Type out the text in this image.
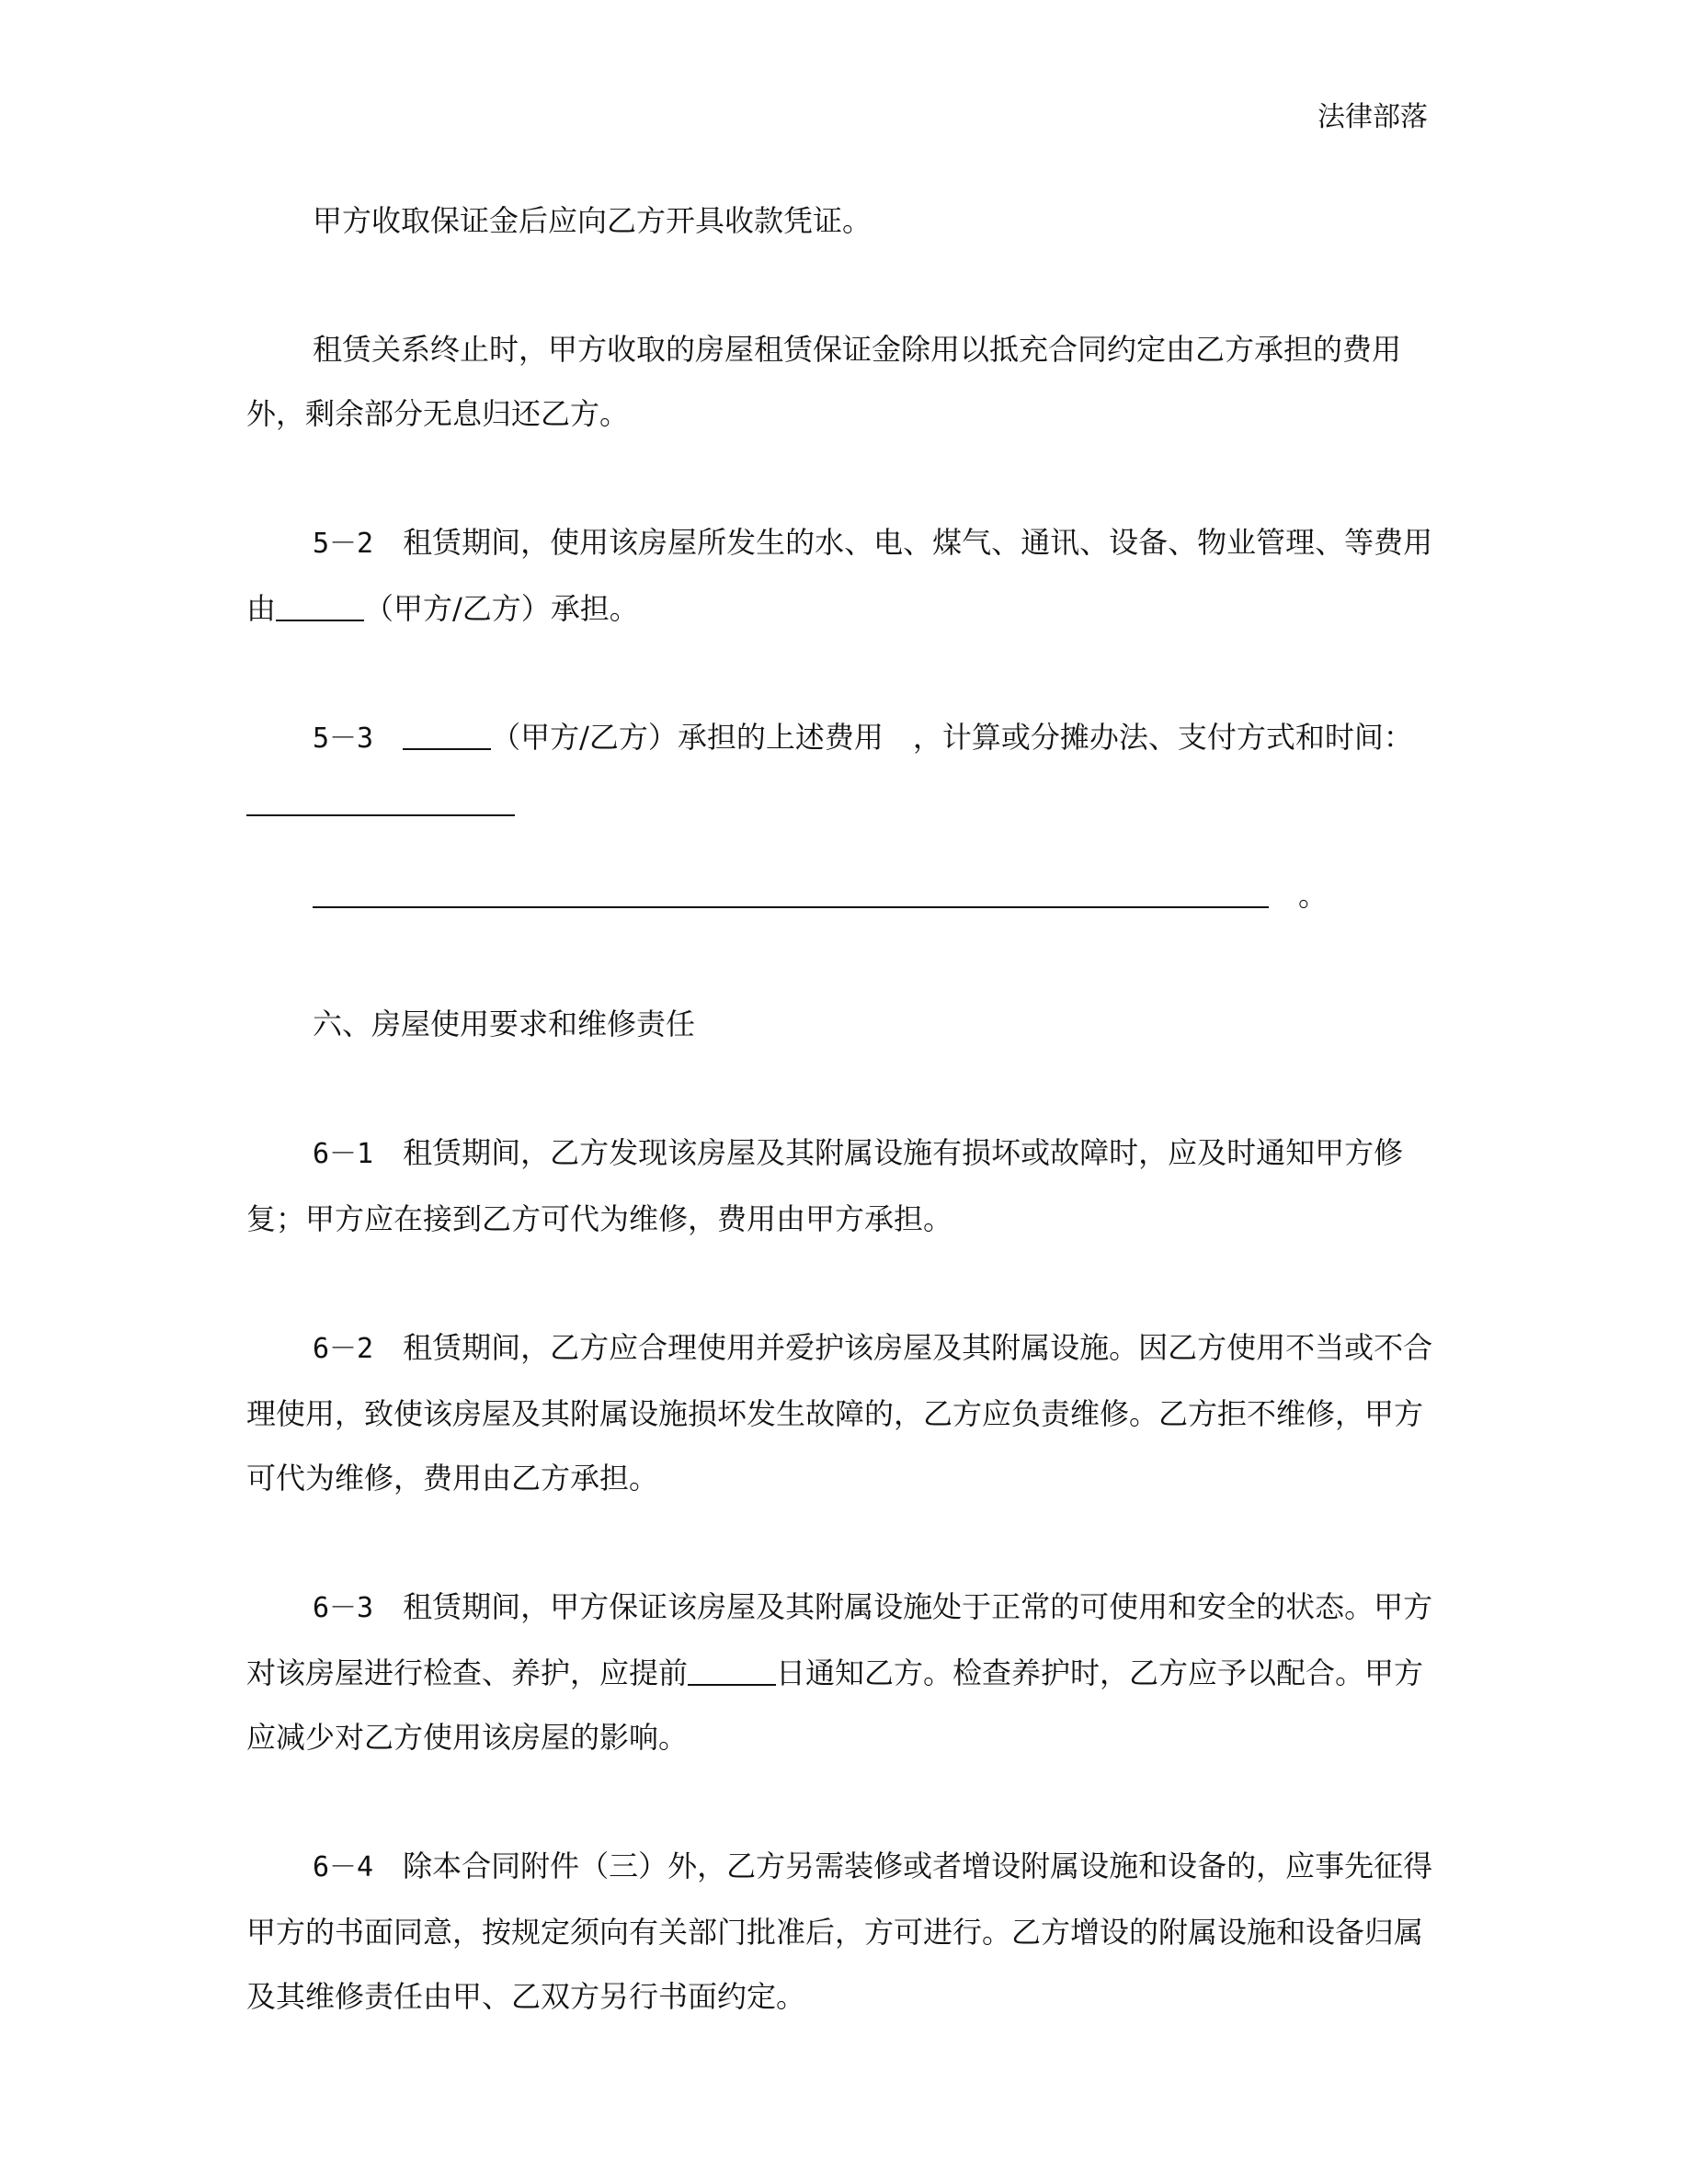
法律部落

甲方收取保证金后应向乙方开具收款凭证。

租赁关系终止时，甲方收取的房屋租赁保证金除用以抵充合同约定由乙方承担的费用外，剩余部分无息归还乙方。

5－2　 租赁期间，使用该房屋所发生的水、电、煤气、通讯、设备、物业管理、等费用由	（甲方/乙方）承担。

5－3　	（甲方/乙方）承担的上述费用　，计算或分摊办法、支付方式和时间：

　。

六、房屋使用要求和维修责任

6－1　 租赁期间，乙方发现该房屋及其附属设施有损坏或故障时，应及时通知甲方修复；甲方应在接到乙方可代为维修，费用由甲方承担。

6－2　 租赁期间，乙方应合理使用并爱护该房屋及其附属设施。因乙方使用不当或不合理使用，致使该房屋及其附属设施损坏发生故障的，乙方应负责维修。乙方拒不维修，甲方可代为维修，费用由乙方承担。

6－3　 租赁期间，甲方保证该房屋及其附属设施处于正常的可使用和安全的状态。甲方对该房屋进行检查、养护，应提前	日通知乙方。检查养护时，乙方应予以配合。甲方应减少对乙方使用该房屋的影响。

6－4　 除本合同附件（三）外，乙方另需装修或者增设附属设施和设备的，应事先征得甲方的书面同意，按规定须向有关部门批准后，方可进行。乙方增设的附属设施和设备归属及其维修责任由甲、乙双方另行书面约定。
